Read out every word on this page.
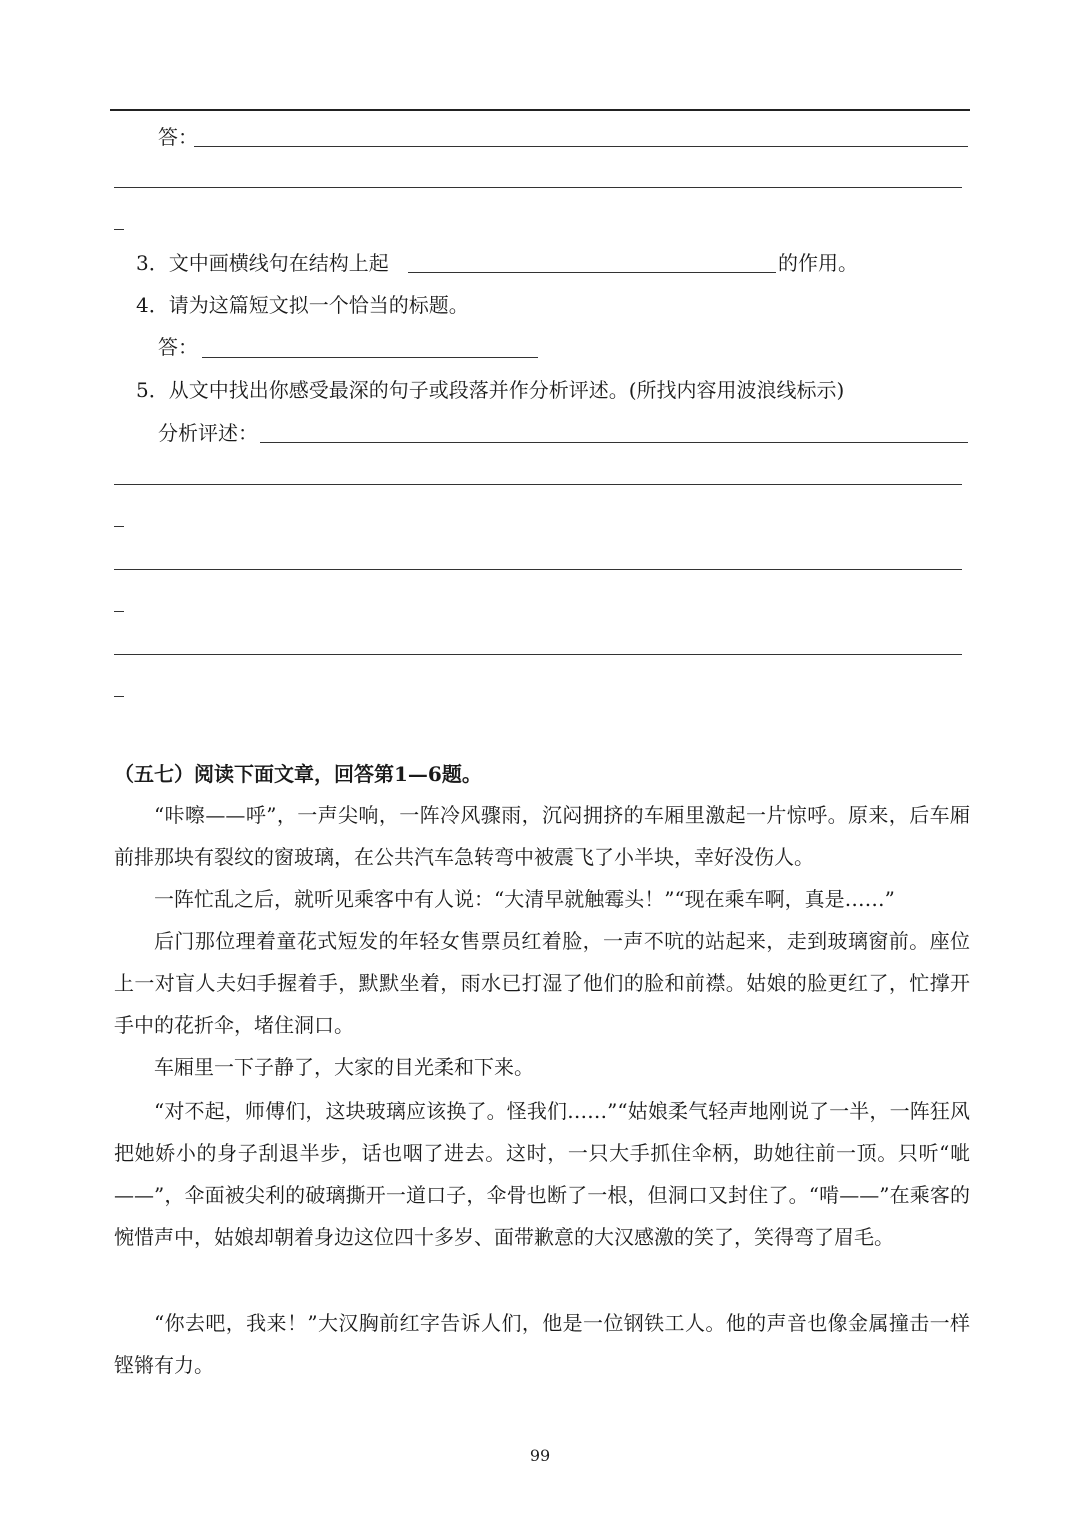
答：
3．文中画横线句在结构上起	的作用。
4．请为这篇短文拟一个恰当的标题。
答：
5．从文中找出你感受最深的句子或段落并作分析评述。(所找内容用波浪线标示)
分析评述：
（五七）阅读下面文章，回答第1—6题。
“咔嚓——呼”，一声尖响，一阵冷风骤雨，沉闷拥挤的车厢里激起一片惊呼。原来，后车厢前排那块有裂纹的窗玻璃，在公共汽车急转弯中被震飞了小半块，幸好没伤人。
一阵忙乱之后，就听见乘客中有人说：“大清早就触霉头！”“现在乘车啊，真是……”
后门那位理着童花式短发的年轻女售票员红着脸，一声不吭的站起来，走到玻璃窗前。座位上一对盲人夫妇手握着手，默默坐着，雨水已打湿了他们的脸和前襟。姑娘的脸更红了，忙撑开手中的花折伞，堵住洞口。
车厢里一下子静了，大家的目光柔和下来。
“对不起，师傅们，这块玻璃应该换了。怪我们……”“姑娘柔气轻声地刚说了一半，一阵狂风把她娇小的身子刮退半步，话也咽了进去。这时，一只大手抓住伞柄，助她往前一顶。只听“呲——”，伞面被尖利的破璃撕开一道口子，伞骨也断了一根，但洞口又封住了。“啃——”在乘客的惋惜声中，姑娘却朝着身边这位四十多岁、面带歉意的大汉感激的笑了，笑得弯了眉毛。
“你去吧，我来！”大汉胸前红字告诉人们，他是一位钢铁工人。他的声音也像金属撞击一样铿锵有力。
99
